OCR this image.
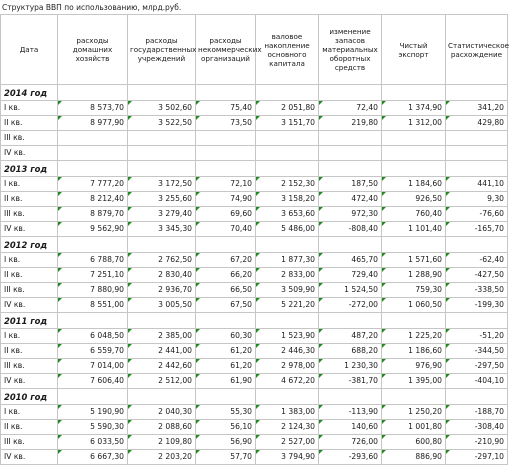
Структура ВВП по использованию, млрд.руб.
Дата	расходы домашних хозяйств	расходы государственных учреждений	расходы некоммерческих организаций	валовое накопление основного капитала	изменение запасов материальных оборотных средств	Чистый экспорт	Статистическое расхождение
2014 год							
I кв.	8 573,70	3 502,60	75,40	2 051,80	72,40	1 374,90	341,20
II кв.	8 977,90	3 522,50	73,50	3 151,70	219,80	1 312,00	429,80
III кв.							
IV кв.							
2013 год							
I кв.	7 777,20	3 172,50	72,10	2 152,30	187,50	1 184,60	441,10
II кв.	8 212,40	3 255,60	74,90	3 158,20	472,40	926,50	9,30
III кв.	8 879,70	3 279,40	69,60	3 653,60	972,30	760,40	-76,60
IV кв.	9 562,90	3 345,30	70,40	5 486,00	-808,40	1 101,40	-165,70
2012 год							
I кв.	6 788,70	2 762,50	67,20	1 877,30	465,70	1 571,60	-62,40
II кв.	7 251,10	2 830,40	66,20	2 833,00	729,40	1 288,90	-427,50
III кв.	7 880,90	2 936,70	66,50	3 509,90	1 524,50	759,30	-338,50
IV кв.	8 551,00	3 005,50	67,50	5 221,20	-272,00	1 060,50	-199,30
2011 год							
I кв.	6 048,50	2 385,00	60,30	1 523,90	487,20	1 225,20	-51,20
II кв.	6 559,70	2 441,00	61,20	2 446,30	688,20	1 186,60	-344,50
III кв.	7 014,00	2 442,60	61,20	2 978,00	1 230,30	976,90	-297,50
IV кв.	7 606,40	2 512,00	61,90	4 672,20	-381,70	1 395,00	-404,10
2010 год							
I кв.	5 190,90	2 040,30	55,30	1 383,00	-113,90	1 250,20	-188,70
II кв.	5 590,30	2 088,60	56,10	2 124,30	140,60	1 001,80	-308,40
III кв.	6 033,50	2 109,80	56,90	2 527,00	726,00	600,80	-210,90
IV кв.	6 667,30	2 203,20	57,70	3 794,90	-293,60	886,90	-297,10
